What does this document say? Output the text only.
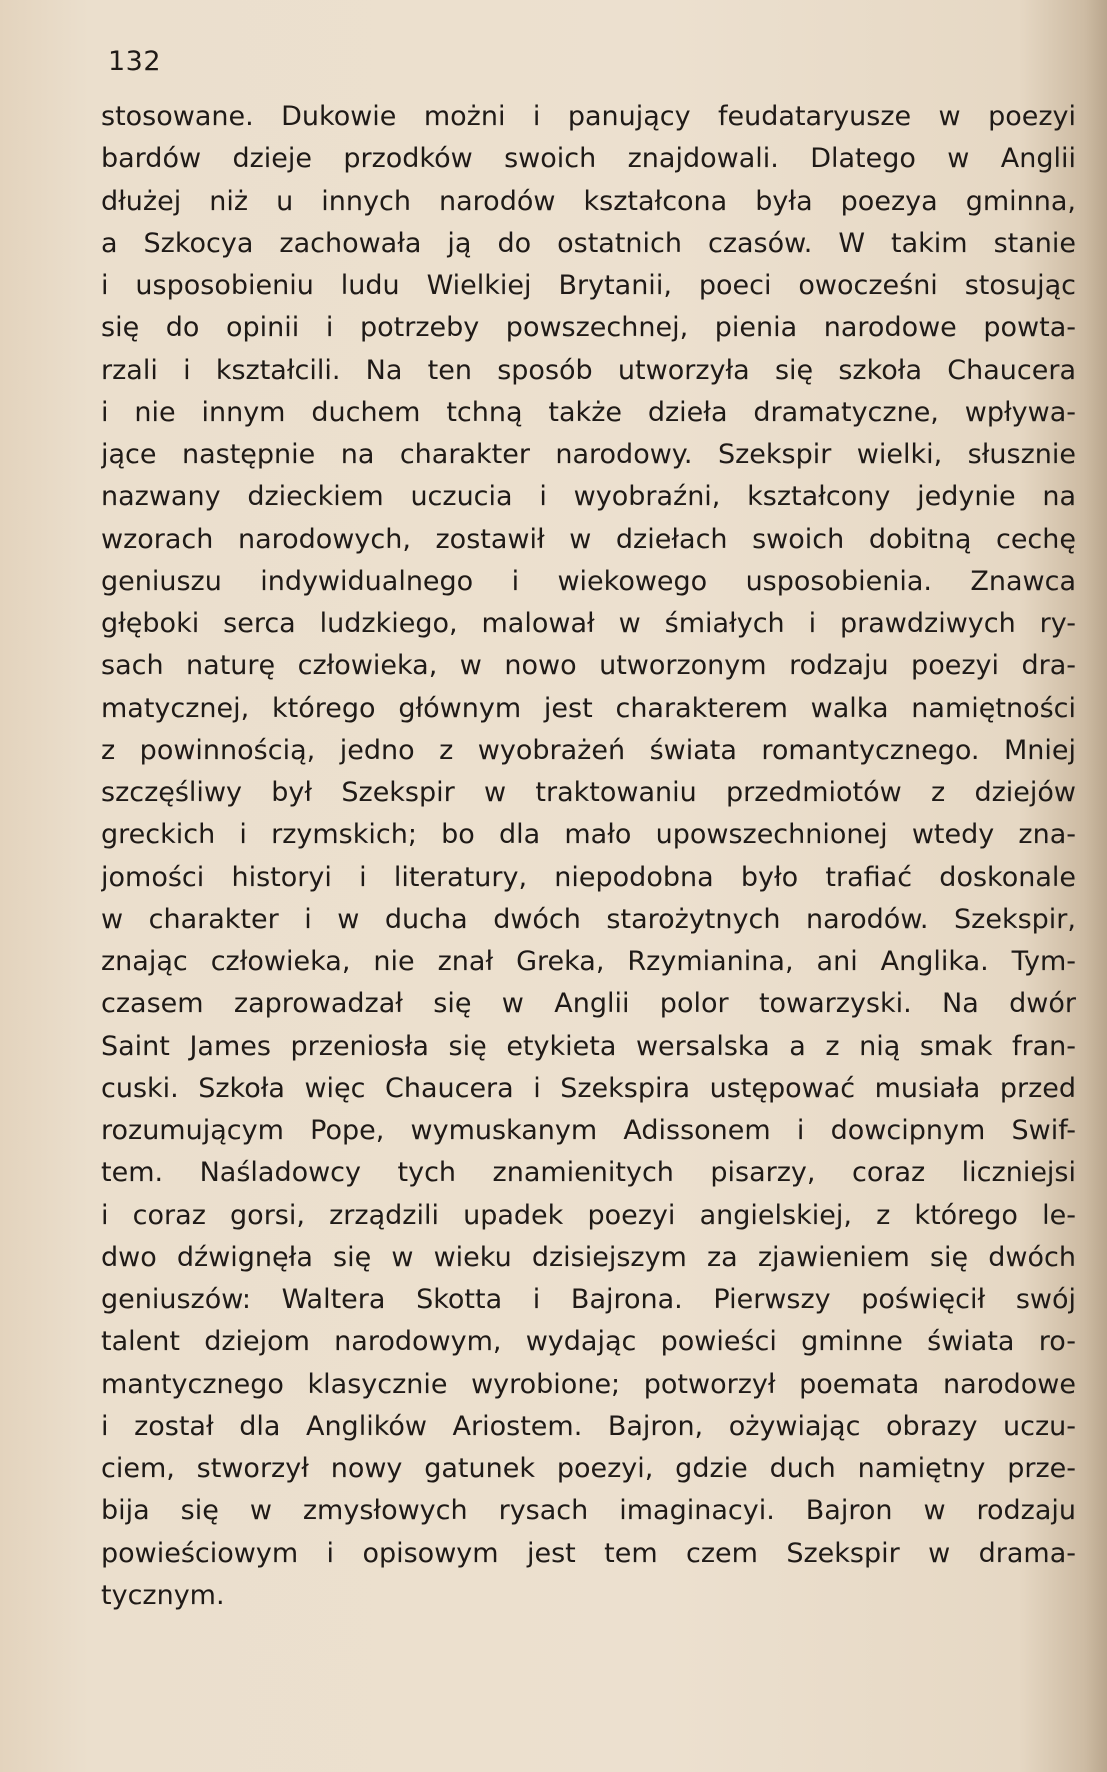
132
stosowane. Dukowie możni i panujący feudataryusze w poezyi
bardów dzieje przodków swoich znajdowali. Dlatego w Anglii
dłużej niż u innych narodów kształcona była poezya gminna,
a Szkocya zachowała ją do ostatnich czasów. W takim stanie
i usposobieniu ludu Wielkiej Brytanii, poeci owocześni stosując
się do opinii i potrzeby powszechnej, pienia narodowe powta-
rzali i kształcili. Na ten sposób utworzyła się szkoła Chaucera
i nie innym duchem tchną także dzieła dramatyczne, wpływa-
jące następnie na charakter narodowy. Szekspir wielki, słusznie
nazwany dzieckiem uczucia i wyobraźni, kształcony jedynie na
wzorach narodowych, zostawił w dziełach swoich dobitną cechę
geniuszu indywidualnego i wiekowego usposobienia. Znawca
głęboki serca ludzkiego, malował w śmiałych i prawdziwych ry-
sach naturę człowieka, w nowo utworzonym rodzaju poezyi dra-
matycznej, którego głównym jest charakterem walka namiętności
z powinnością, jedno z wyobrażeń świata romantycznego. Mniej
szczęśliwy był Szekspir w traktowaniu przedmiotów z dziejów
greckich i rzymskich; bo dla mało upowszechnionej wtedy zna-
jomości historyi i literatury, niepodobna było trafiać doskonale
w charakter i w ducha dwóch starożytnych narodów. Szekspir,
znając człowieka, nie znał Greka, Rzymianina, ani Anglika. Tym-
czasem zaprowadzał się w Anglii polor towarzyski. Na dwór
Saint James przeniosła się etykieta wersalska a z nią smak fran-
cuski. Szkoła więc Chaucera i Szekspira ustępować musiała przed
rozumującym Pope, wymuskanym Adissonem i dowcipnym Swif-
tem. Naśladowcy tych znamienitych pisarzy, coraz liczniejsi
i coraz gorsi, zrządzili upadek poezyi angielskiej, z którego le-
dwo dźwignęła się w wieku dzisiejszym za zjawieniem się dwóch
geniuszów: Waltera Skotta i Bajrona. Pierwszy poświęcił swój
talent dziejom narodowym, wydając powieści gminne świata ro-
mantycznego klasycznie wyrobione; potworzył poemata narodowe
i został dla Anglików Ariostem. Bajron, ożywiając obrazy uczu-
ciem, stworzył nowy gatunek poezyi, gdzie duch namiętny prze-
bija się w zmysłowych rysach imaginacyi. Bajron w rodzaju
powieściowym i opisowym jest tem czem Szekspir w drama-
tycznym.
